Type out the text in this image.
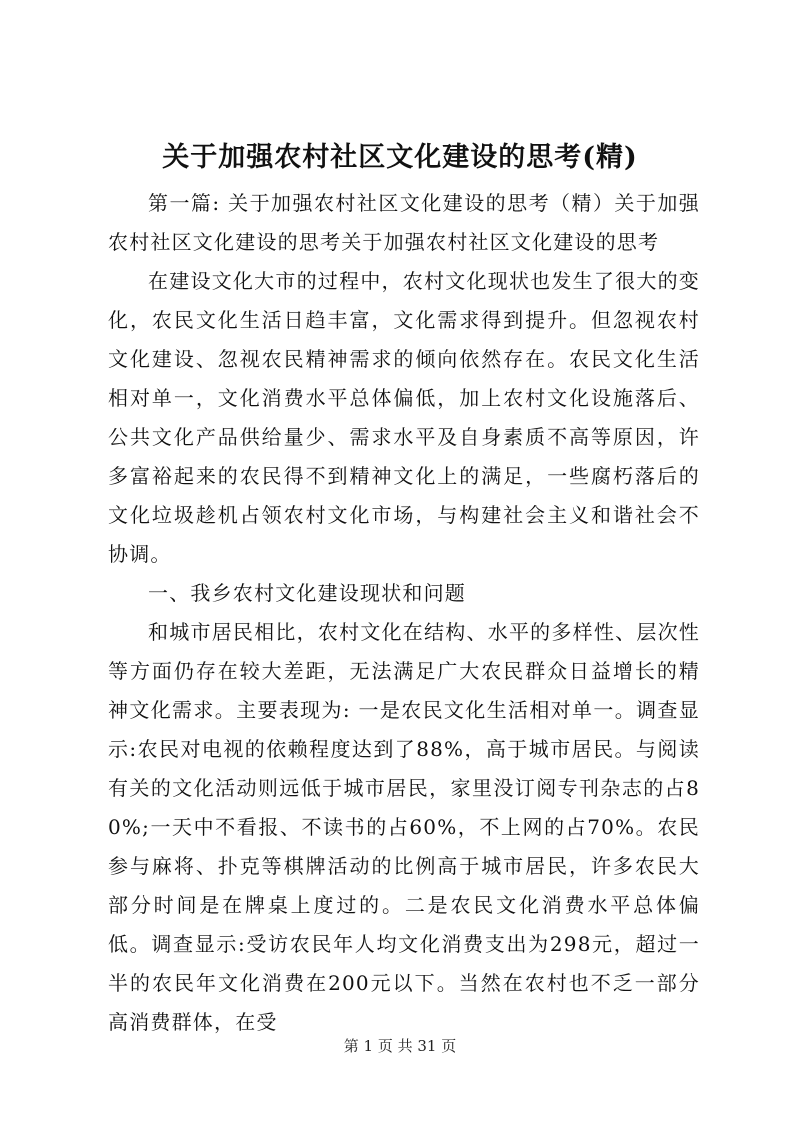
关于加强农村社区文化建设的思考(精)

第一篇: 关于加强农村社区文化建设的思考（精）关于加强农村社区文化建设的思考关于加强农村社区文化建设的思考

在建设文化大市的过程中，农村文化现状也发生了很大的变化，农民文化生活日趋丰富，文化需求得到提升。但忽视农村文化建设、忽视农民精神需求的倾向依然存在。农民文化生活相对单一，文化消费水平总体偏低，加上农村文化设施落后、公共文化产品供给量少、需求水平及自身素质不高等原因，许多富裕起来的农民得不到精神文化上的满足，一些腐朽落后的文化垃圾趁机占领农村文化市场，与构建社会主义和谐社会不协调。

一、我乡农村文化建设现状和问题

和城市居民相比，农村文化在结构、水平的多样性、层次性等方面仍存在较大差距，无法满足广大农民群众日益增长的精神文化需求。主要表现为: 一是农民文化生活相对单一。调查显示:农民对电视的依赖程度达到了88%，高于城市居民。与阅读有关的文化活动则远低于城市居民，家里没订阅专刊杂志的占80%;一天中不看报、不读书的占60%，不上网的占70%。农民参与麻将、扑克等棋牌活动的比例高于城市居民，许多农民大部分时间是在牌桌上度过的。二是农民文化消费水平总体偏低。调查显示:受访农民年人均文化消费支出为298元，超过一半的农民年文化消费在200元以下。当然在农村也不乏一部分高消费群体，在受

第 1 页 共 31 页
